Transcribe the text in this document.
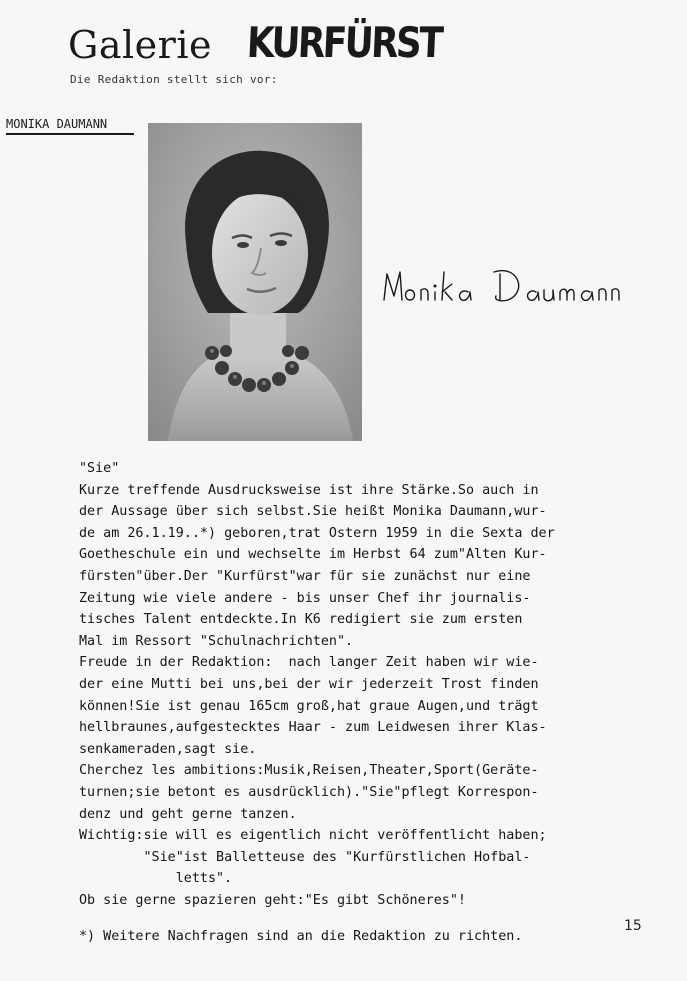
Galerie KURFÜRST
Die Redaktion stellt sich vor:
MONIKA DAUMANN
"Sie"
Kurze treffende Ausdrucksweise ist ihre Stärke.So auch in
der Aussage über sich selbst.Sie heißt Monika Daumann,wur-
de am 26.1.19..*) geboren,trat Ostern 1959 in die Sexta der
Goetheschule ein und wechselte im Herbst 64 zum"Alten Kur-
fürsten"über.Der "Kurfürst"war für sie zunächst nur eine
Zeitung wie viele andere - bis unser Chef ihr journalis-
tisches Talent entdeckte.In K6 redigiert sie zum ersten
Mal im Ressort "Schulnachrichten".
Freude in der Redaktion:  nach langer Zeit haben wir wie-
der eine Mutti bei uns,bei der wir jederzeit Trost finden
können!Sie ist genau 165cm groß,hat graue Augen,und trägt
hellbraunes,aufgestecktes Haar - zum Leidwesen ihrer Klas-
senkameraden,sagt sie.
Cherchez les ambitions:Musik,Reisen,Theater,Sport(Geräte-
turnen;sie betont es ausdrücklich)."Sie"pflegt Korrespon-
denz und geht gerne tanzen.
Wichtig:sie will es eigentlich nicht veröffentlicht haben;
"Sie"ist Balletteuse des "Kurfürstlichen Hofbal-
letts".
Ob sie gerne spazieren geht:"Es gibt Schöneres"!
*) Weitere Nachfragen sind an die Redaktion zu richten.
15
